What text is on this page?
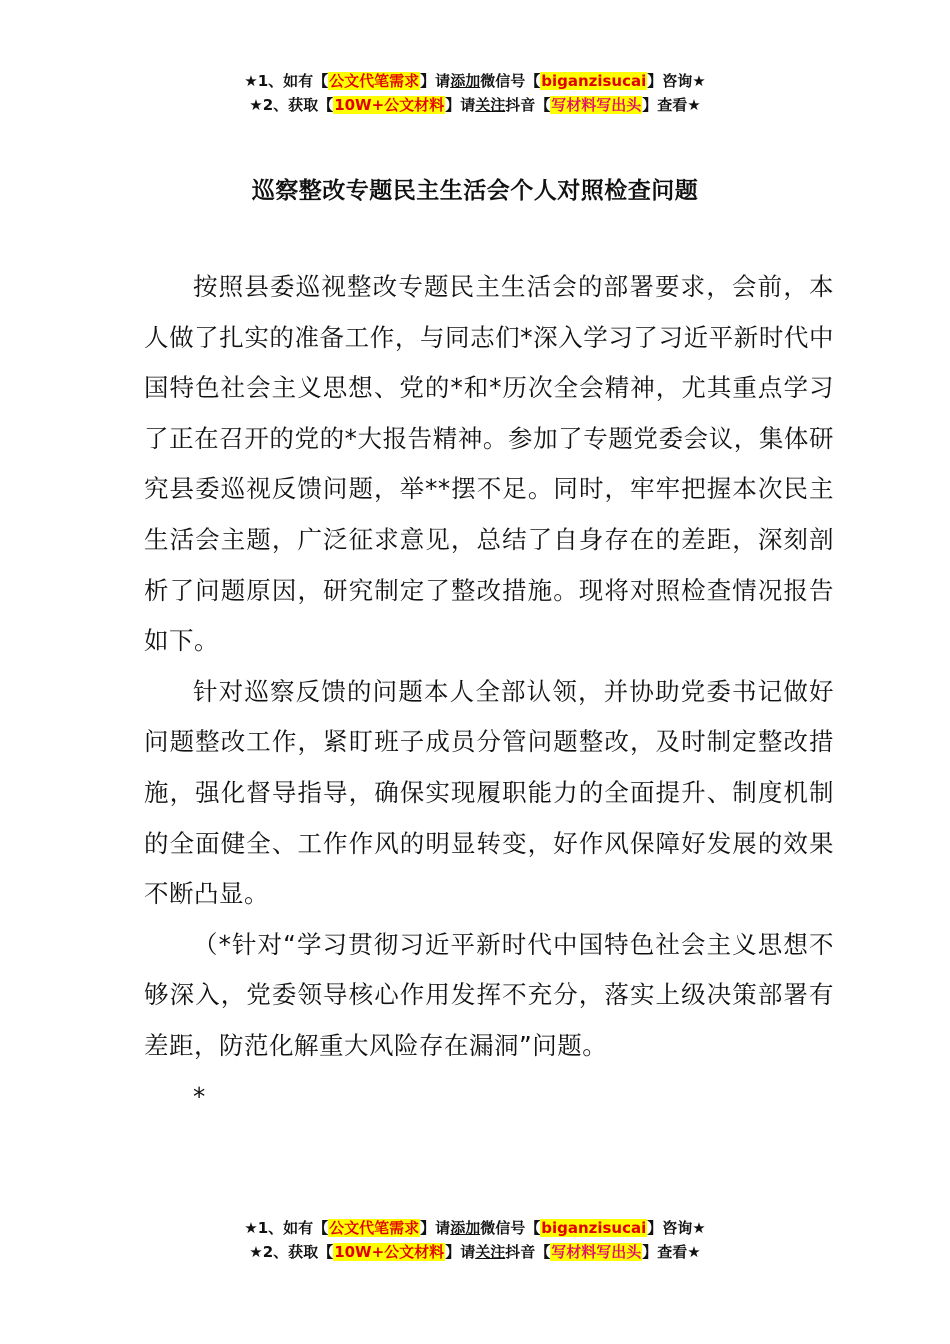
★1、如有【公文代笔需求】请添加微信号【biganzisucai】咨询★
★2、获取【10W+公文材料】请关注抖音【写材料写出头】查看★
巡察整改专题民主生活会个人对照检查问题

按照县委巡视整改专题民主生活会的部署要求，会前，本人做了扎实的准备工作，与同志们*深入学习了习近平新时代中国特色社会主义思想、党的*和*历次全会精神，尤其重点学习了正在召开的党的*大报告精神。参加了专题党委会议，集体研究县委巡视反馈问题，举**摆不足。同时，牢牢把握本次民主生活会主题，广泛征求意见，总结了自身存在的差距，深刻剖析了问题原因，研究制定了整改措施。现将对照检查情况报告如下。

针对巡察反馈的问题本人全部认领，并协助党委书记做好问题整改工作，紧盯班子成员分管问题整改，及时制定整改措施，强化督导指导，确保实现履职能力的全面提升、制度机制的全面健全、工作作风的明显转变，好作风保障好发展的效果不断凸显。

（*针对“学习贯彻习近平新时代中国特色社会主义思想不够深入，党委领导核心作用发挥不充分，落实上级决策部署有差距，防范化解重大风险存在漏洞”问题。

*

★1、如有【公文代笔需求】请添加微信号【biganzisucai】咨询★
★2、获取【10W+公文材料】请关注抖音【写材料写出头】查看★
